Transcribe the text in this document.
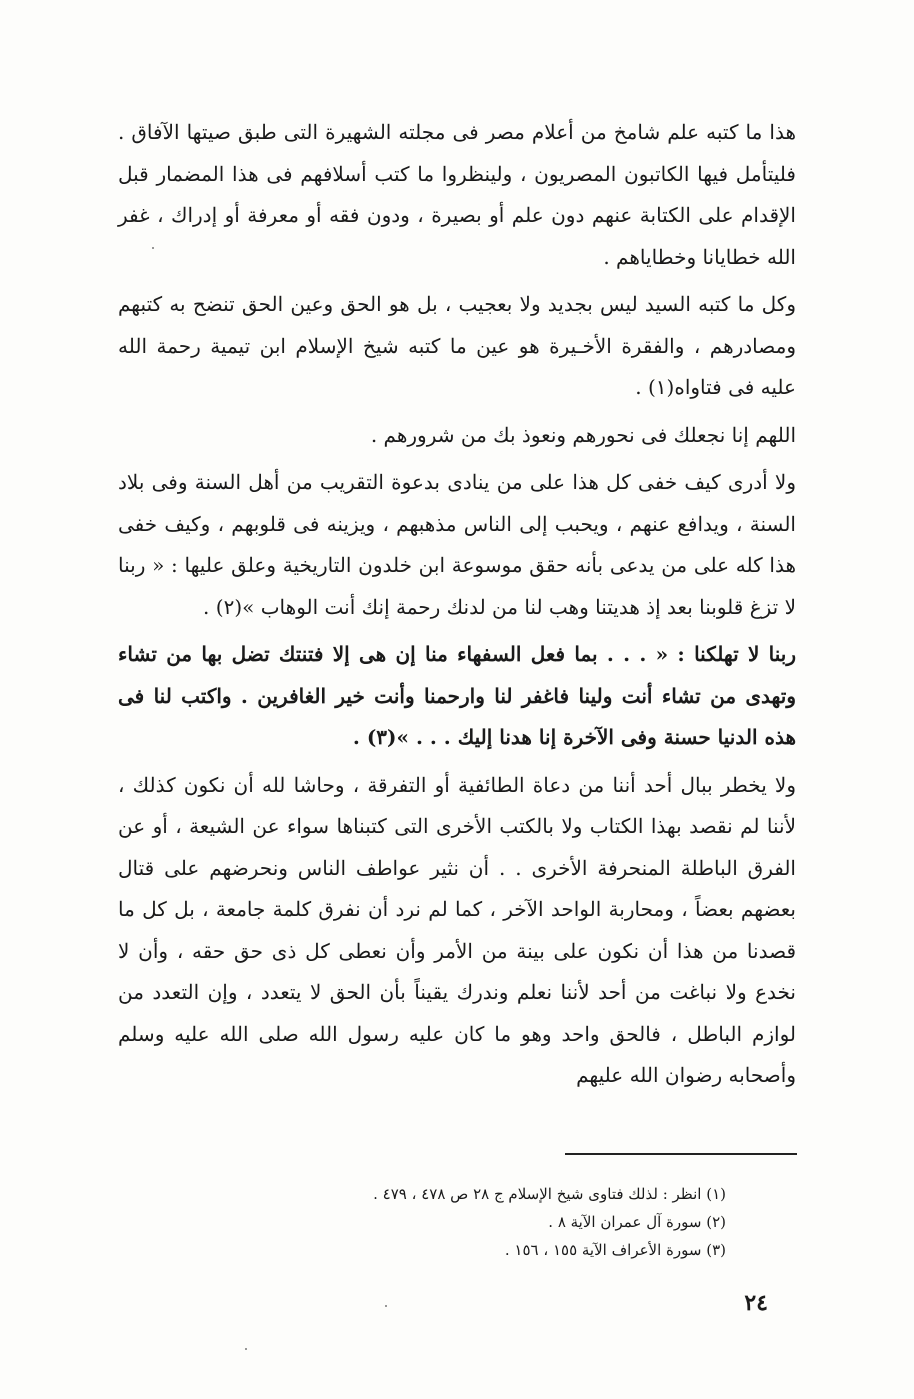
هذا ما كتبه علم شامخ من أعلام مصر فى مجلته الشهيرة التى طبق صيتها الآفاق . فليتأمل فيها الكاتبون المصريون ، ولينظروا ما كتب أسلافهم فى هذا المضمار قبل الإقدام على الكتابة عنهم دون علم أو بصيرة ، ودون فقه أو معرفة أو إدراك ، غفر الله خطايانا وخطاياهم .

وكل ما كتبه السيد ليس بجديد ولا بعجيب ، بل هو الحق وعين الحق تنضح به كتبهم ومصادرهم ، والفقرة الأخـيرة هو عين ما كتبه شيخ الإسلام ابن تيمية رحمة الله عليه فى فتاواه(١) .

اللهم إنا نجعلك فى نحورهم ونعوذ بك من شرورهم .

ولا أدرى كيف خفى كل هذا على من ينادى بدعوة التقريب من أهل السنة وفى بلاد السنة ، ويدافع عنهم ، ويحبب إلى الناس مذهبهم ، ويزينه فى قلوبهم ، وكيف خفى هذا كله على من يدعى بأنه حقق موسوعة ابن خلدون التاريخية وعلق عليها : « ربنا لا تزغ قلوبنا بعد إذ هديتنا وهب لنا من لدنك رحمة إنك أنت الوهاب »(٢) .

ربنا لا تهلكنا : « . . . بما فعل السفهاء منا إن هى إلا فتنتك تضل بها من تشاء وتهدى من تشاء أنت ولينا فاغفر لنا وارحمنا وأنت خير الغافرين . واكتب لنا فى هذه الدنيا حسنة وفى الآخرة إنا هدنا إليك . . . »(٣) .

ولا يخطر ببال أحد أننا من دعاة الطائفية أو التفرقة ، وحاشا لله أن نكون كذلك ، لأننا لم نقصد بهذا الكتاب ولا بالكتب الأخرى التى كتبناها سواء عن الشيعة ، أو عن الفرق الباطلة المنحرفة الأخرى . . أن نثير عواطف الناس ونحرضهم على قتال بعضهم بعضاً ، ومحاربة الواحد الآخر ، كما لم نرد أن نفرق كلمة جامعة ، بل كل ما قصدنا من هذا أن نكون على بينة من الأمر وأن نعطى كل ذى حق حقه ، وأن لا نخدع ولا نباغت من أحد لأننا نعلم وندرك يقيناً بأن الحق لا يتعدد ، وإن التعدد من لوازم الباطل ، فالحق واحد وهو ما كان عليه رسول الله صلى الله عليه وسلم وأصحابه رضوان الله عليهم

(١) انظر : لذلك فتاوى شيخ الإسلام ج ٢٨ ص ٤٧٨ ، ٤٧٩ .

(٢) سورة آل عمران الآية ٨ .

(٣) سورة الأعراف الآية ١٥٥ ، ١٥٦ .

٢٤
